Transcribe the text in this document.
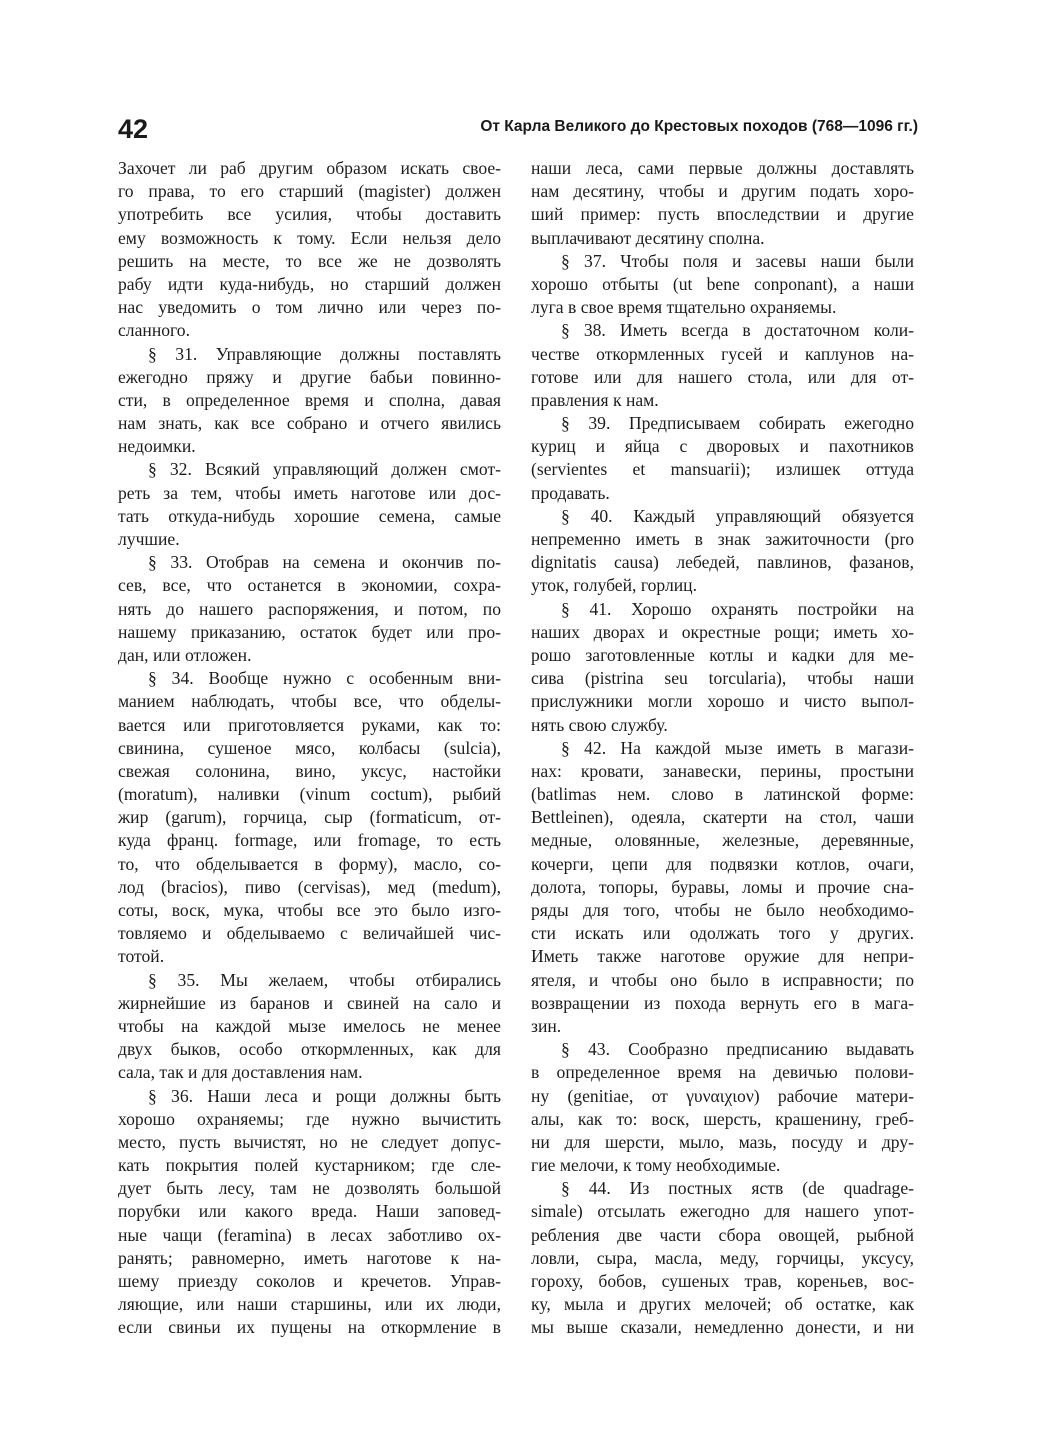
42	От Карла Великого до Крестовых походов (768—1096 гг.)

Захочет ли раб другим образом искать свое-
го права, то его старший (magister) должен
употребить все усилия, чтобы доставить
ему возможность к тому. Если нельзя дело
решить на месте, то все же не дозволять
рабу идти куда-нибудь, но старший должен
нас уведомить о том лично или через по-
сланного.

§ 31. Управляющие должны поставлять
ежегодно пряжу и другие бабьи повинно-
сти, в определенное время и сполна, давая
нам знать, как все собрано и отчего явились
недоимки.

§ 32. Всякий управляющий должен смот-
реть за тем, чтобы иметь наготове или дос-
тать откуда-нибудь хорошие семена, самые
лучшие.

§ 33. Отобрав на семена и окончив по-
сев, все, что останется в экономии, сохра-
нять до нашего распоряжения, и потом, по
нашему приказанию, остаток будет или про-
дан, или отложен.

§ 34. Вообще нужно с особенным вни-
манием наблюдать, чтобы все, что обделы-
вается или приготовляется руками, как то:
свинина, сушеное мясо, колбасы (sulcia),
свежая солонина, вино, уксус, настойки
(moratum), наливки (vinum coctum), рыбий
жир (garum), горчица, сыр (formaticum, от-
куда франц. formage, или fromage, то есть
то, что обделывается в форму), масло, со-
лод (bracios), пиво (cervisas), мед (medum),
соты, воск, мука, чтобы все это было изго-
товляемо и обделываемо с величайшей чис-
тотой.

§ 35. Мы желаем, чтобы отбирались
жирнейшие из баранов и свиней на сало и
чтобы на каждой мызе имелось не менее
двух быков, особо откормленных, как для
сала, так и для доставления нам.

§ 36. Наши леса и рощи должны быть
хорошо охраняемы; где нужно вычистить
место, пусть вычистят, но не следует допус-
кать покрытия полей кустарником; где сле-
дует быть лесу, там не дозволять большой
порубки или какого вреда. Наши заповед-
ные чащи (feramina) в лесах заботливо ох-
ранять; равномерно, иметь наготове к на-
шему приезду соколов и кречетов. Управ-
ляющие, или наши старшины, или их люди,
если свиньи их пущены на откормление в

наши леса, сами первые должны доставлять
нам десятину, чтобы и другим подать хоро-
ший пример: пусть впоследствии и другие
выплачивают десятину сполна.

§ 37. Чтобы поля и засевы наши были
хорошо отбыты (ut bene conponant), а наши
луга в свое время тщательно охраняемы.

§ 38. Иметь всегда в достаточном коли-
честве откормленных гусей и каплунов на-
готове или для нашего стола, или для от-
правления к нам.

§ 39. Предписываем собирать ежегодно
куриц и яйца с дворовых и пахотников
(servientes et mansuarii); излишек оттуда
продавать.

§ 40. Каждый управляющий обязуется
непременно иметь в знак зажиточности (pro
dignitatis causa) лебедей, павлинов, фазанов,
уток, голубей, горлиц.

§ 41. Хорошо охранять постройки на
наших дворах и окрестные рощи; иметь хо-
рошо заготовленные котлы и кадки для ме-
сива (pistrina seu torcularia), чтобы наши
прислужники могли хорошо и чисто выпол-
нять свою службу.

§ 42. На каждой мызе иметь в магази-
нах: кровати, занавески, перины, простыни
(batlimas нем. слово в латинской форме:
Bettleinen), одеяла, скатерти на стол, чаши
медные, оловянные, железные, деревянные,
кочерги, цепи для подвязки котлов, очаги,
долота, топоры, буравы, ломы и прочие сна-
ряды для того, чтобы не было необходимо-
сти искать или одолжать того у других.
Иметь также наготове оружие для непри-
ятеля, и чтобы оно было в исправности; по
возвращении из похода вернуть его в мага-
зин.

§ 43. Сообразно предписанию выдавать
в определенное время на девичью полови-
ну (genitiae, от γυναιχιον) рабочие матери-
алы, как то: воск, шерсть, крашенину, греб-
ни для шерсти, мыло, мазь, посуду и дру-
гие мелочи, к тому необходимые.

§ 44. Из постных яств (de quadrage-
simale) отсылать ежегодно для нашего упот-
ребления две части сбора овощей, рыбной
ловли, сыра, масла, меду, горчицы, уксусу,
гороху, бобов, сушеных трав, кореньев, вос-
ку, мыла и других мелочей; об остатке, как
мы выше сказали, немедленно донести, и ни
